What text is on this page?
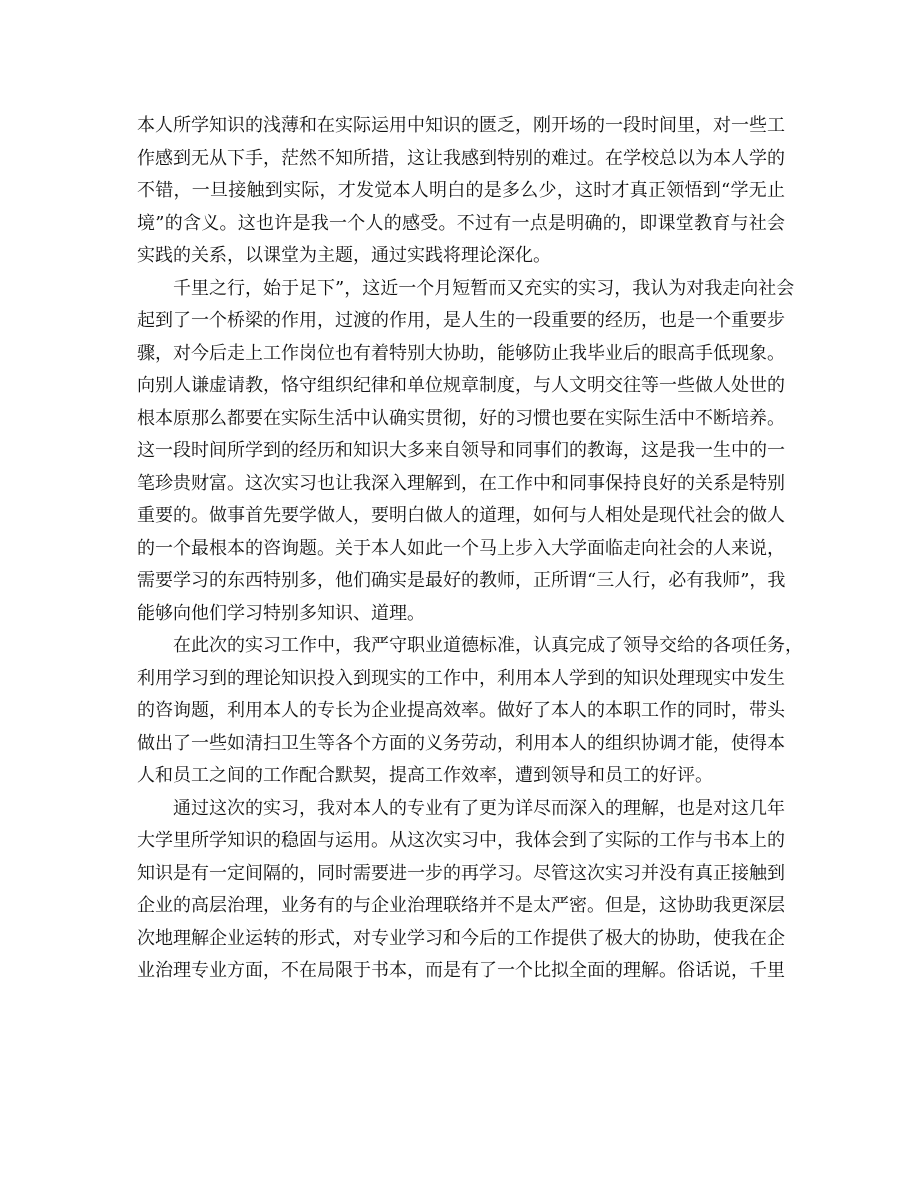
本人所学知识的浅薄和在实际运用中知识的匮乏，刚开场的一段时间里，对一些工
作感到无从下手，茫然不知所措，这让我感到特别的难过。在学校总以为本人学的
不错，一旦接触到实际，才发觉本人明白的是多么少，这时才真正领悟到“学无止
境”的含义。这也许是我一个人的感受。不过有一点是明确的，即课堂教育与社会
实践的关系，以课堂为主题，通过实践将理论深化。
千里之行，始于足下”，这近一个月短暂而又充实的实习，我认为对我走向社会
起到了一个桥梁的作用，过渡的作用，是人生的一段重要的经历，也是一个重要步
骤，对今后走上工作岗位也有着特别大协助，能够防止我毕业后的眼高手低现象。
向别人谦虚请教，恪守组织纪律和单位规章制度，与人文明交往等一些做人处世的
根本原那么都要在实际生活中认确实贯彻，好的习惯也要在实际生活中不断培养。
这一段时间所学到的经历和知识大多来自领导和同事们的教诲，这是我一生中的一
笔珍贵财富。这次实习也让我深入理解到，在工作中和同事保持良好的关系是特别
重要的。做事首先要学做人，要明白做人的道理，如何与人相处是现代社会的做人
的一个最根本的咨询题。关于本人如此一个马上步入大学面临走向社会的人来说，
需要学习的东西特别多，他们确实是最好的教师，正所谓“三人行，必有我师”，我
能够向他们学习特别多知识、道理。
在此次的实习工作中，我严守职业道德标准，认真完成了领导交给的各项任务，
利用学习到的理论知识投入到现实的工作中，利用本人学到的知识处理现实中发生
的咨询题，利用本人的专长为企业提高效率。做好了本人的本职工作的同时，带头
做出了一些如清扫卫生等各个方面的义务劳动，利用本人的组织协调才能，使得本
人和员工之间的工作配合默契，提高工作效率，遭到领导和员工的好评。
通过这次的实习，我对本人的专业有了更为详尽而深入的理解，也是对这几年
大学里所学知识的稳固与运用。从这次实习中，我体会到了实际的工作与书本上的
知识是有一定间隔的，同时需要进一步的再学习。尽管这次实习并没有真正接触到
企业的高层治理，业务有的与企业治理联络并不是太严密。但是，这协助我更深层
次地理解企业运转的形式，对专业学习和今后的工作提供了极大的协助，使我在企
业治理专业方面，不在局限于书本，而是有了一个比拟全面的理解。俗话说，千里
